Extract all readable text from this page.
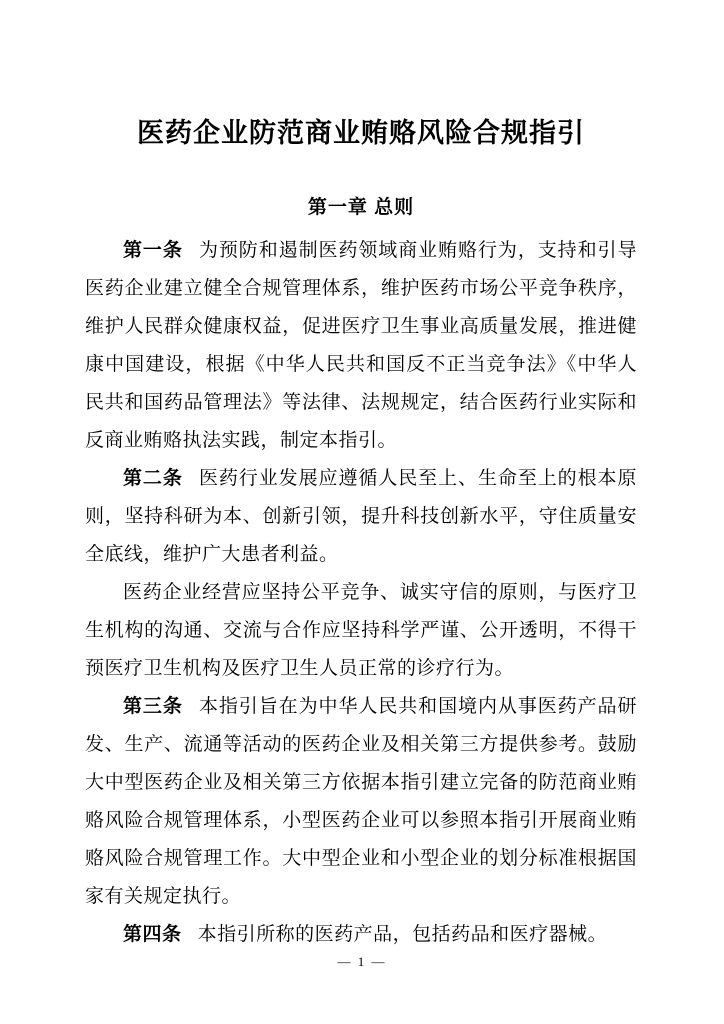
医药企业防范商业贿赂风险合规指引
第一章 总则

第一条 为预防和遏制医药领域商业贿赂行为，支持和引导医药企业建立健全合规管理体系，维护医药市场公平竞争秩序，维护人民群众健康权益，促进医疗卫生事业高质量发展，推进健康中国建设，根据《中华人民共和国反不正当竞争法》《中华人民共和国药品管理法》等法律、法规规定，结合医药行业实际和反商业贿赂执法实践，制定本指引。

第二条 医药行业发展应遵循人民至上、生命至上的根本原则，坚持科研为本、创新引领，提升科技创新水平，守住质量安全底线，维护广大患者利益。

医药企业经营应坚持公平竞争、诚实守信的原则，与医疗卫生机构的沟通、交流与合作应坚持科学严谨、公开透明，不得干预医疗卫生机构及医疗卫生人员正常的诊疗行为。

第三条 本指引旨在为中华人民共和国境内从事医药产品研发、生产、流通等活动的医药企业及相关第三方提供参考。鼓励大中型医药企业及相关第三方依据本指引建立完备的防范商业贿赂风险合规管理体系，小型医药企业可以参照本指引开展商业贿赂风险合规管理工作。大中型企业和小型企业的划分标准根据国家有关规定执行。

第四条 本指引所称的医药产品，包括药品和医疗器械。

— 1 —
